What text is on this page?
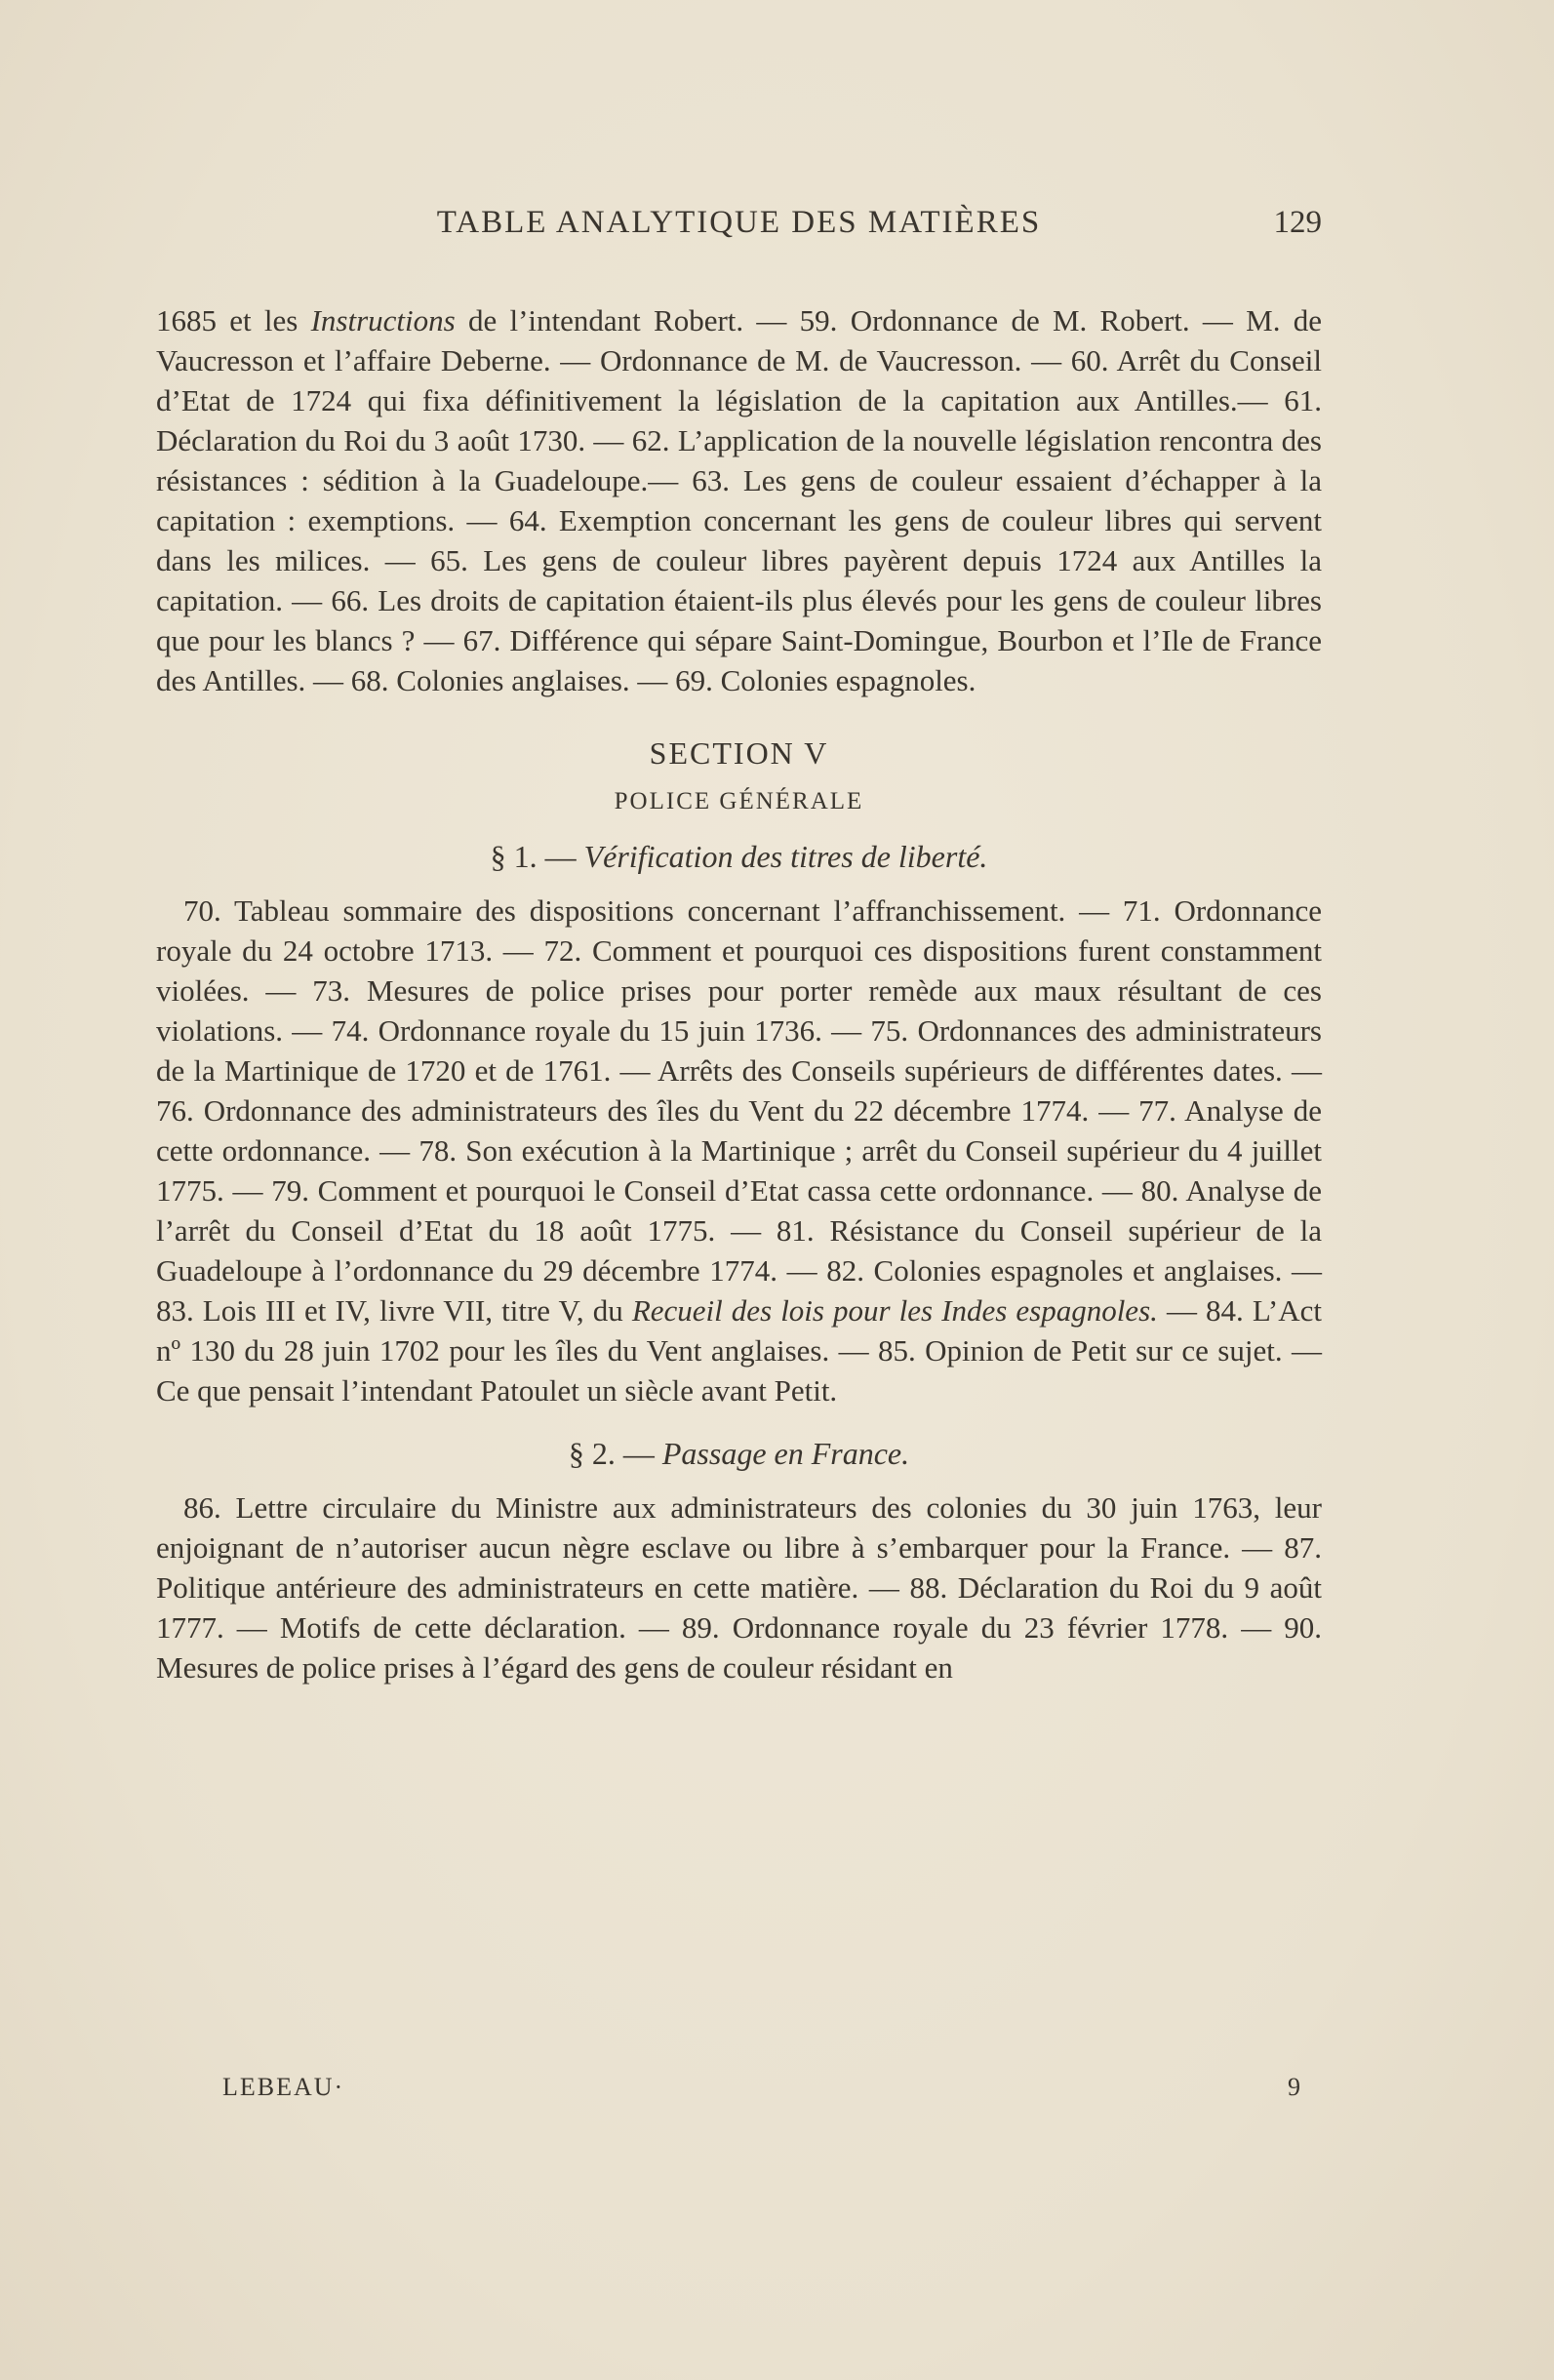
TABLE ANALYTIQUE DES MATIÈRES	129

1685 et les Instructions de l’intendant Robert. — 59. Ordonnance de M. Robert. — M. de Vaucresson et l’affaire Deberne. — Ordonnance de M. de Vaucresson. — 60. Arrêt du Conseil d’Etat de 1724 qui fixa définitivement la législation de la capitation aux Antilles.— 61. Déclaration du Roi du 3 août 1730. — 62. L’application de la nouvelle législation rencontra des résistances : sédition à la Guadeloupe.— 63. Les gens de couleur essaient d’échapper à la capitation : exemptions. — 64. Exemption concernant les gens de couleur libres qui servent dans les milices. — 65. Les gens de couleur libres payèrent depuis 1724 aux Antilles la capitation. — 66. Les droits de capitation étaient-ils plus élevés pour les gens de couleur libres que pour les blancs ? — 67. Différence qui sépare Saint-Domingue, Bourbon et l’Ile de France des Antilles. — 68. Colonies anglaises. — 69. Colonies espagnoles.

SECTION V
POLICE GÉNÉRALE
§ 1. — Vérification des titres de liberté.

70. Tableau sommaire des dispositions concernant l’affranchissement. — 71. Ordonnance royale du 24 octobre 1713. — 72. Comment et pourquoi ces dispositions furent constamment violées. — 73. Mesures de police prises pour porter remède aux maux résultant de ces violations. — 74. Ordonnance royale du 15 juin 1736. — 75. Ordonnances des administrateurs de la Martinique de 1720 et de 1761. — Arrêts des Conseils supérieurs de différentes dates. — 76. Ordonnance des administrateurs des îles du Vent du 22 décembre 1774. — 77. Analyse de cette ordonnance. — 78. Son exécution à la Martinique ; arrêt du Conseil supérieur du 4 juillet 1775. — 79. Comment et pourquoi le Conseil d’Etat cassa cette ordonnance. — 80. Analyse de l’arrêt du Conseil d’Etat du 18 août 1775. — 81. Résistance du Conseil supérieur de la Guadeloupe à l’ordonnance du 29 décembre 1774. — 82. Colonies espagnoles et anglaises. — 83. Lois III et IV, livre VII, titre V, du Recueil des lois pour les Indes espagnoles. — 84. L’Act nº 130 du 28 juin 1702 pour les îles du Vent anglaises. — 85. Opinion de Petit sur ce sujet. — Ce que pensait l’intendant Patoulet un siècle avant Petit.

§ 2. — Passage en France.

86. Lettre circulaire du Ministre aux administrateurs des colonies du 30 juin 1763, leur enjoignant de n’autoriser aucun nègre esclave ou libre à s’embarquer pour la France. — 87. Politique antérieure des administrateurs en cette matière. — 88. Déclaration du Roi du 9 août 1777. — Motifs de cette déclaration. — 89. Ordonnance royale du 23 février 1778. — 90. Mesures de police prises à l’égard des gens de couleur résidant en

LEBEAU·	9
